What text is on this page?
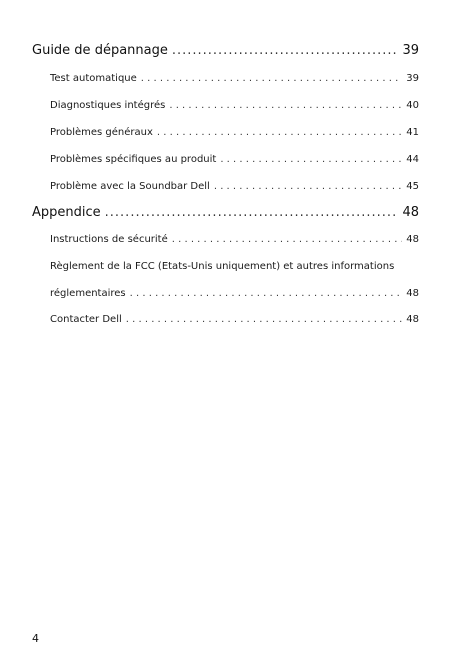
Guide de dépannage .....	39
Test automatique . . .	39
Diagnostiques intégrés . . .	40
Problèmes généraux . . .	41
Problèmes spécifiques au produit . . .	44
Problème avec la Soundbar Dell . . .	45
Appendice .....	48
Instructions de sécurité . . .	48
Règlement de la FCC (Etats-Unis uniquement) et autres informations
réglementaires . . .	48
Contacter Dell . . .	48
4
